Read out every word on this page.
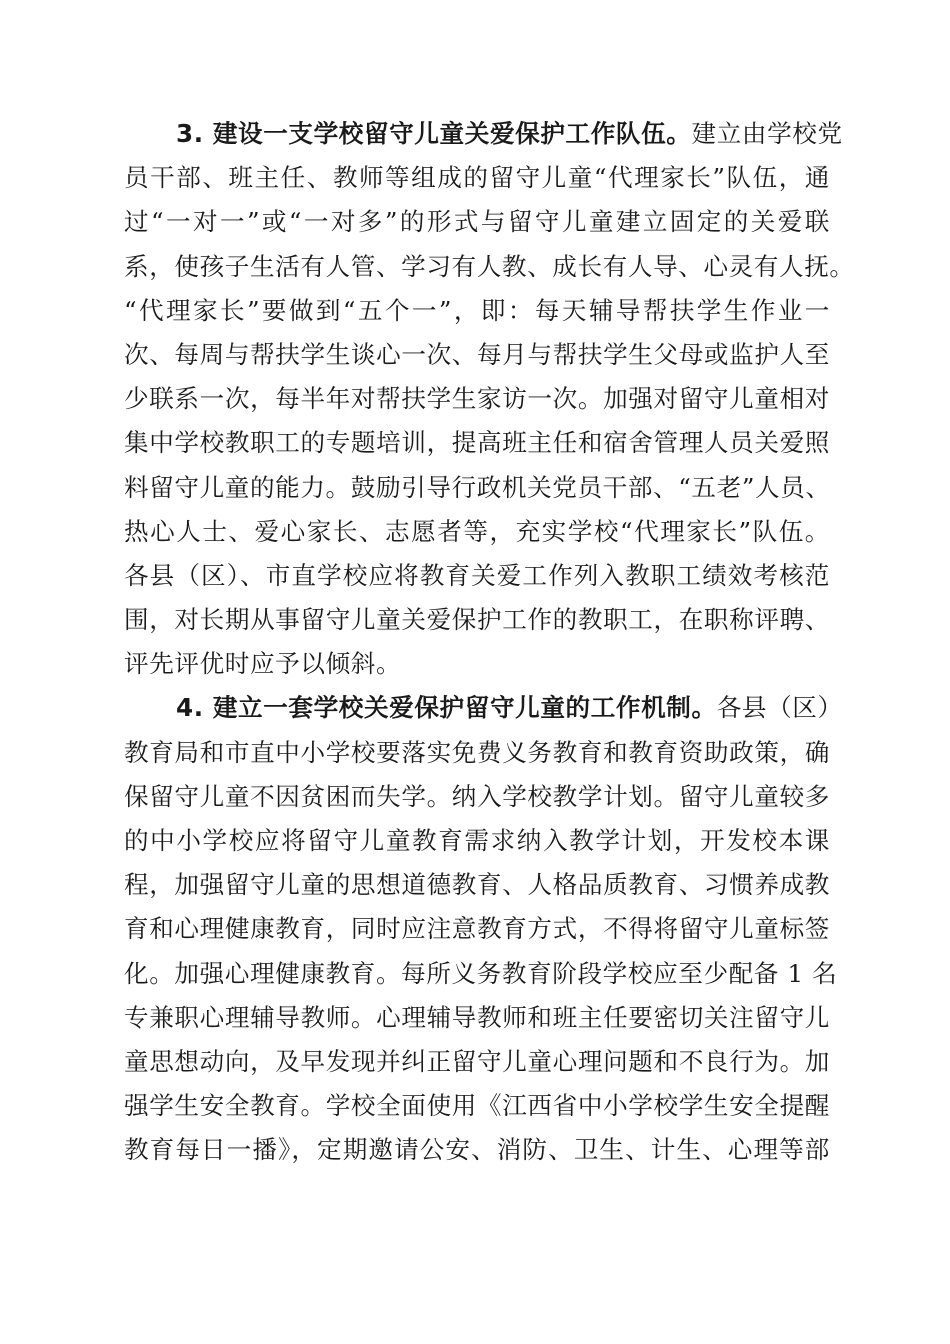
3. 建设一支学校留守儿童关爱保护工作队伍。建立由学校党
员干部、班主任、教师等组成的留守儿童“代理家长”队伍，通
过“一对一”或“一对多”的形式与留守儿童建立固定的关爱联
系，使孩子生活有人管、学习有人教、成长有人导、心灵有人抚。
“代理家长”要做到“五个一”，即：每天辅导帮扶学生作业一
次、每周与帮扶学生谈心一次、每月与帮扶学生父母或监护人至
少联系一次，每半年对帮扶学生家访一次。加强对留守儿童相对
集中学校教职工的专题培训，提高班主任和宿舍管理人员关爱照
料留守儿童的能力。鼓励引导行政机关党员干部、“五老”人员、
热心人士、爱心家长、志愿者等，充实学校“代理家长”队伍。
各县（区）、市直学校应将教育关爱工作列入教职工绩效考核范
围，对长期从事留守儿童关爱保护工作的教职工，在职称评聘、
评先评优时应予以倾斜。
4. 建立一套学校关爱保护留守儿童的工作机制。各县（区）
教育局和市直中小学校要落实免费义务教育和教育资助政策，确
保留守儿童不因贫困而失学。纳入学校教学计划。留守儿童较多
的中小学校应将留守儿童教育需求纳入教学计划，开发校本课
程，加强留守儿童的思想道德教育、人格品质教育、习惯养成教
育和心理健康教育，同时应注意教育方式，不得将留守儿童标签
化。加强心理健康教育。每所义务教育阶段学校应至少配备 1 名
专兼职心理辅导教师。心理辅导教师和班主任要密切关注留守儿
童思想动向，及早发现并纠正留守儿童心理问题和不良行为。加
强学生安全教育。学校全面使用《江西省中小学校学生安全提醒
教育每日一播》，定期邀请公安、消防、卫生、计生、心理等部
